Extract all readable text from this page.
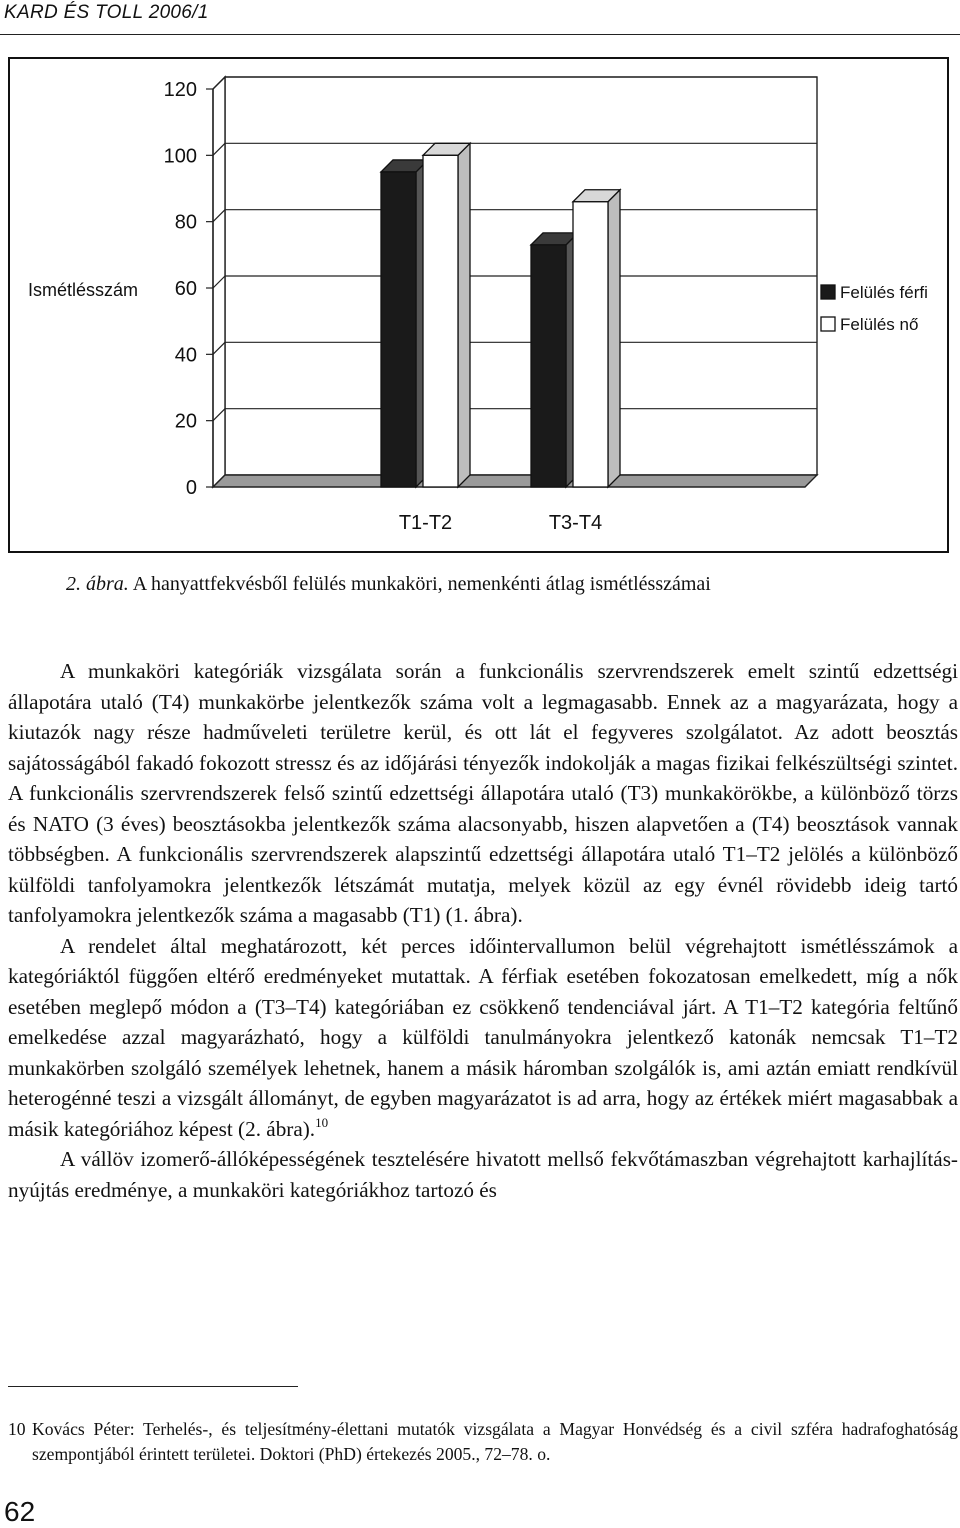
KARD ÉS TOLL 2006/1
0
20
40
60
80
100
120
Ismétlésszám
T1-T2	T3-T4
Felülés férfi
Felülés nő
2. ábra. A hanyattfekvésből felülés munkaköri, nemenkénti átlag ismétlésszámai

A munkaköri kategóriák vizsgálata során a funkcionális szervrendszerek emelt szintű edzettségi állapotára utaló (T4) munkakörbe jelentkezők száma volt a legmagasabb. Ennek az a magyarázata, hogy a kiutazók nagy része hadműveleti területre kerül, és ott lát el fegyveres szolgálatot. Az adott beosztás sajátosságából fakadó fokozott stressz és az időjárási tényezők indokolják a magas fizikai felkészültségi szintet. A funkcionális szervrendszerek felső szintű edzettségi állapotára utaló (T3) munkakörökbe, a különböző törzs és NATO (3 éves) beosztásokba jelentkezők száma alacsonyabb, hiszen alapvetően a (T4) beosztások vannak többségben. A funkcionális szervrendszerek alapszintű edzettségi állapotára utaló T1–T2 jelölés a különböző külföldi tanfolyamokra jelentkezők létszámát mutatja, melyek közül az egy évnél rövidebb ideig tartó tanfolyamokra jelentkezők száma a magasabb (T1) (1. ábra).

A rendelet által meghatározott, két perces időintervallumon belül végrehajtott ismétlésszámok a kategóriáktól függően eltérő eredményeket mutattak. A férfiak esetében fokozatosan emelkedett, míg a nők esetében meglepő módon a (T3–T4) kategóriában ez csökkenő tendenciával járt. A T1–T2 kategória feltűnő emelkedése azzal magyarázható, hogy a külföldi tanulmányokra jelentkező katonák nemcsak T1–T2 munkakörben szolgáló személyek lehetnek, hanem a másik háromban szolgálók is, ami aztán emiatt rendkívül heterogénné teszi a vizsgált állományt, de egyben magyarázatot is ad arra, hogy az értékek miért magasabbak a másik kategóriához képest (2. ábra).$^{10}$

A vállöv izomerő-állóképességének tesztelésére hivatott mellső fekvőtámaszban végrehajtott karhajlítás-nyújtás eredménye, a munkaköri kategóriákhoz tartozó és

10 Kovács Péter: Terhelés-, és teljesítmény-élettani mutatók vizsgálata a Magyar Honvédség és a civil szféra hadrafoghatóság szempontjából érintett területei. Doktori (PhD) értekezés 2005., 72–78. o.
62
